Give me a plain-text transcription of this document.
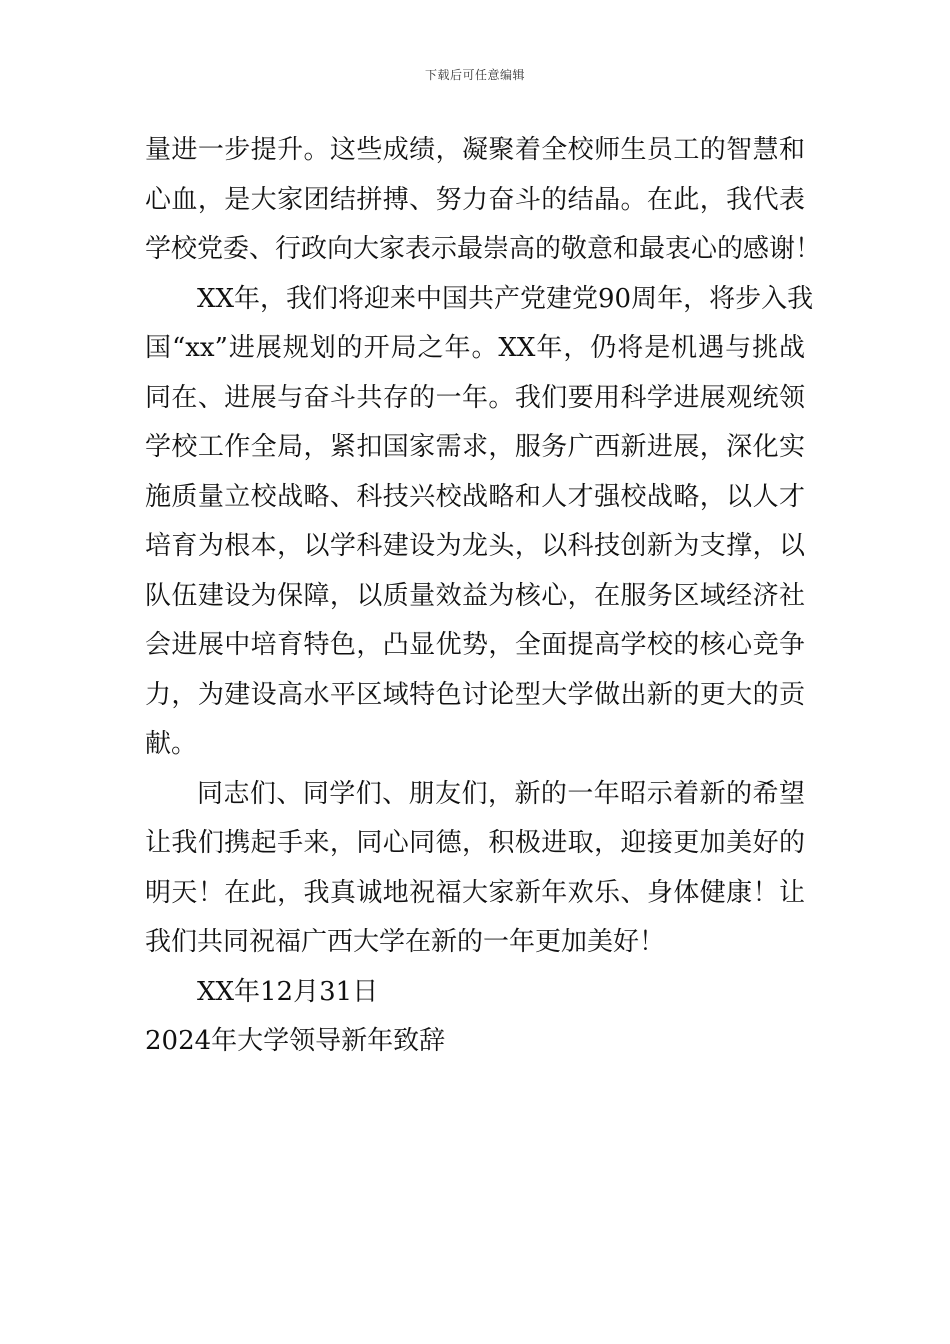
下载后可任意编辑
量进一步提升。这些成绩，凝聚着全校师生员工的智慧和
心血，是大家团结拼搏、努力奋斗的结晶。在此，我代表
学校党委、行政向大家表示最崇高的敬意和最衷心的感谢！
XX年，我们将迎来中国共产党建党90周年，将步入我
国“xx”进展规划的开局之年。XX年，仍将是机遇与挑战
同在、进展与奋斗共存的一年。我们要用科学进展观统领
学校工作全局，紧扣国家需求，服务广西新进展，深化实
施质量立校战略、科技兴校战略和人才强校战略，以人才
培育为根本，以学科建设为龙头，以科技创新为支撑，以
队伍建设为保障，以质量效益为核心，在服务区域经济社
会进展中培育特色，凸显优势，全面提高学校的核心竞争
力，为建设高水平区域特色讨论型大学做出新的更大的贡
献。
同志们、同学们、朋友们，新的一年昭示着新的希望
让我们携起手来，同心同德，积极进取，迎接更加美好的
明天！在此，我真诚地祝福大家新年欢乐、身体健康！让
我们共同祝福广西大学在新的一年更加美好！
XX年12月31日
2024年大学领导新年致辞
